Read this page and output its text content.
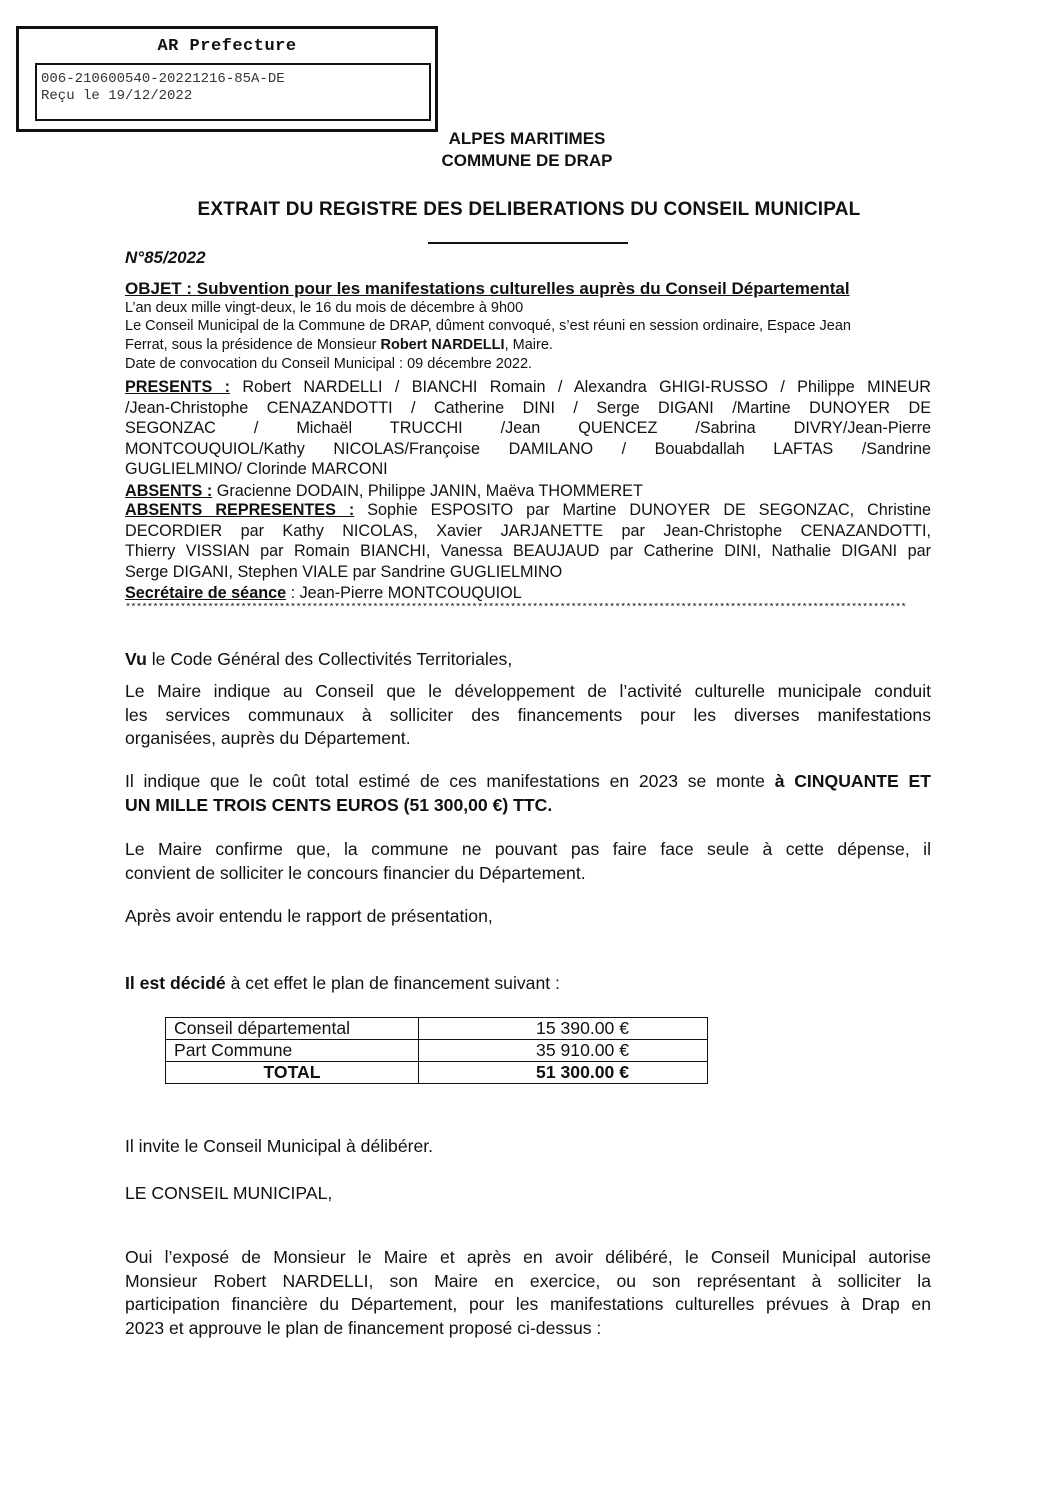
AR Prefecture
006-210600540-20221216-85A-DE
Reçu le 19/12/2022
ALPES MARITIMES
COMMUNE DE DRAP
EXTRAIT DU REGISTRE DES DELIBERATIONS DU CONSEIL MUNICIPAL
N°85/2022
OBJET : Subvention pour les manifestations culturelles auprès du Conseil Départemental
L’an deux mille vingt-deux, le 16 du mois de décembre à 9h00
Le Conseil Municipal de la Commune de DRAP, dûment convoqué, s’est réuni en session ordinaire, Espace Jean
Ferrat, sous la présidence de Monsieur Robert NARDELLI, Maire.
Date de convocation du Conseil Municipal : 09 décembre 2022.
PRESENTS : Robert NARDELLI / BIANCHI Romain / Alexandra GHIGI-RUSSO / Philippe MINEUR
/Jean-Christophe CENAZANDOTTI / Catherine DINI / Serge DIGANI /Martine DUNOYER DE
SEGONZAC / Michaël TRUCCHI /Jean QUENCEZ /Sabrina DIVRY/Jean-Pierre
MONTCOUQUIOL/Kathy NICOLAS/Françoise DAMILANO / Bouabdallah LAFTAS /Sandrine
GUGLIELMINO/ Clorinde MARCONI
ABSENTS : Gracienne DODAIN, Philippe JANIN, Maëva THOMMERET
ABSENTS REPRESENTES : Sophie ESPOSITO par Martine DUNOYER DE SEGONZAC, Christine
DECORDIER par Kathy NICOLAS, Xavier JARJANETTE par Jean-Christophe CENAZANDOTTI,
Thierry VISSIAN par Romain BIANCHI, Vanessa BEAUJAUD par Catherine DINI, Nathalie DIGANI par
Serge DIGANI, Stephen VIALE par Sandrine GUGLIELMINO
Secrétaire de séance : Jean-Pierre MONTCOUQUIOL
**********************************************************************************************************************************************
Vu le Code Général des Collectivités Territoriales,
Le Maire indique au Conseil que le développement de l’activité culturelle municipale conduit
les services communaux à solliciter des financements pour les diverses manifestations
organisées, auprès du Département.
Il indique que le coût total estimé de ces manifestations en 2023 se monte à CINQUANTE ET
UN MILLE TROIS CENTS EUROS (51 300,00 €) TTC.
Le Maire confirme que, la commune ne pouvant pas faire face seule à cette dépense, il
convient de solliciter le concours financier du Département.
Après avoir entendu le rapport de présentation,
Il est décidé à cet effet le plan de financement suivant :
Conseil départemental	15 390.00 €
Part Commune	35 910.00 €
TOTAL	51 300.00 €
Il invite le Conseil Municipal à délibérer.
LE CONSEIL MUNICIPAL,
Oui l’exposé de Monsieur le Maire et après en avoir délibéré, le Conseil Municipal autorise
Monsieur Robert NARDELLI, son Maire en exercice, ou son représentant à solliciter la
participation financière du Département, pour les manifestations culturelles prévues à Drap en
2023 et approuve le plan de financement proposé ci-dessus :
